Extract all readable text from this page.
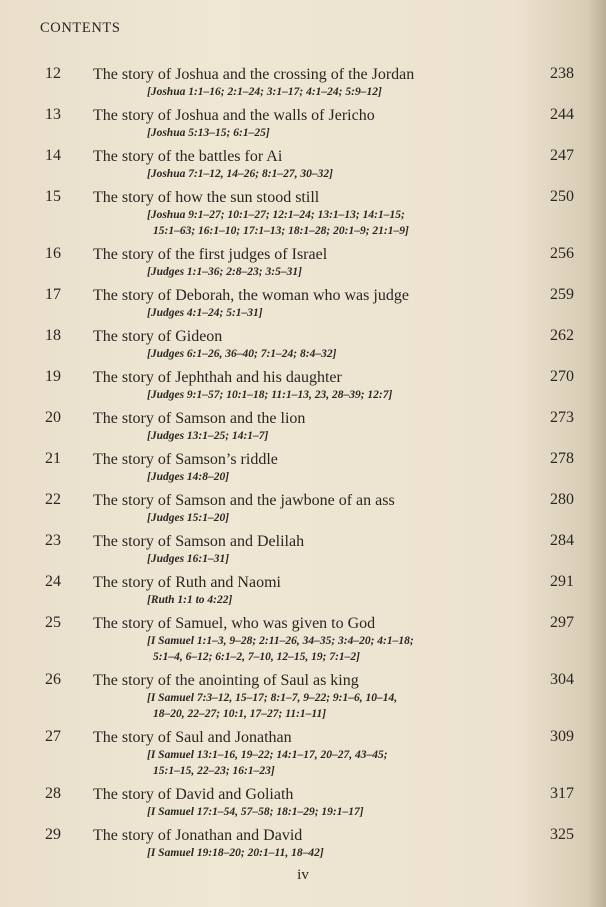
CONTENTS
12	The story of Joshua and the crossing of the Jordan	238
[Joshua 1:1–16; 2:1–24; 3:1–17; 4:1–24; 5:9–12]
13	The story of Joshua and the walls of Jericho	244
[Joshua 5:13–15; 6:1–25]
14	The story of the battles for Ai	247
[Joshua 7:1–12, 14–26; 8:1–27, 30–32]
15	The story of how the sun stood still	250
[Joshua 9:1–27; 10:1–27; 12:1–24; 13:1–13; 14:1–15;
15:1–63; 16:1–10; 17:1–13; 18:1–28; 20:1–9; 21:1–9]
16	The story of the first judges of Israel	256
[Judges 1:1–36; 2:8–23; 3:5–31]
17	The story of Deborah, the woman who was judge	259
[Judges 4:1–24; 5:1–31]
18	The story of Gideon	262
[Judges 6:1–26, 36–40; 7:1–24; 8:4–32]
19	The story of Jephthah and his daughter	270
[Judges 9:1–57; 10:1–18; 11:1–13, 23, 28–39; 12:7]
20	The story of Samson and the lion	273
[Judges 13:1–25; 14:1–7]
21	The story of Samson’s riddle	278
[Judges 14:8–20]
22	The story of Samson and the jawbone of an ass	280
[Judges 15:1–20]
23	The story of Samson and Delilah	284
[Judges 16:1–31]
24	The story of Ruth and Naomi	291
[Ruth 1:1 to 4:22]
25	The story of Samuel, who was given to God	297
[I Samuel 1:1–3, 9–28; 2:11–26, 34–35; 3:4–20; 4:1–18;
5:1–4, 6–12; 6:1–2, 7–10, 12–15, 19; 7:1–2]
26	The story of the anointing of Saul as king	304
[I Samuel 7:3–12, 15–17; 8:1–7, 9–22; 9:1–6, 10–14,
18–20, 22–27; 10:1, 17–27; 11:1–11]
27	The story of Saul and Jonathan	309
[I Samuel 13:1–16, 19–22; 14:1–17, 20–27, 43–45;
15:1–15, 22–23; 16:1–23]
28	The story of David and Goliath	317
[I Samuel 17:1–54, 57–58; 18:1–29; 19:1–17]
29	The story of Jonathan and David	325
[I Samuel 19:18–20; 20:1–11, 18–42]
iv
